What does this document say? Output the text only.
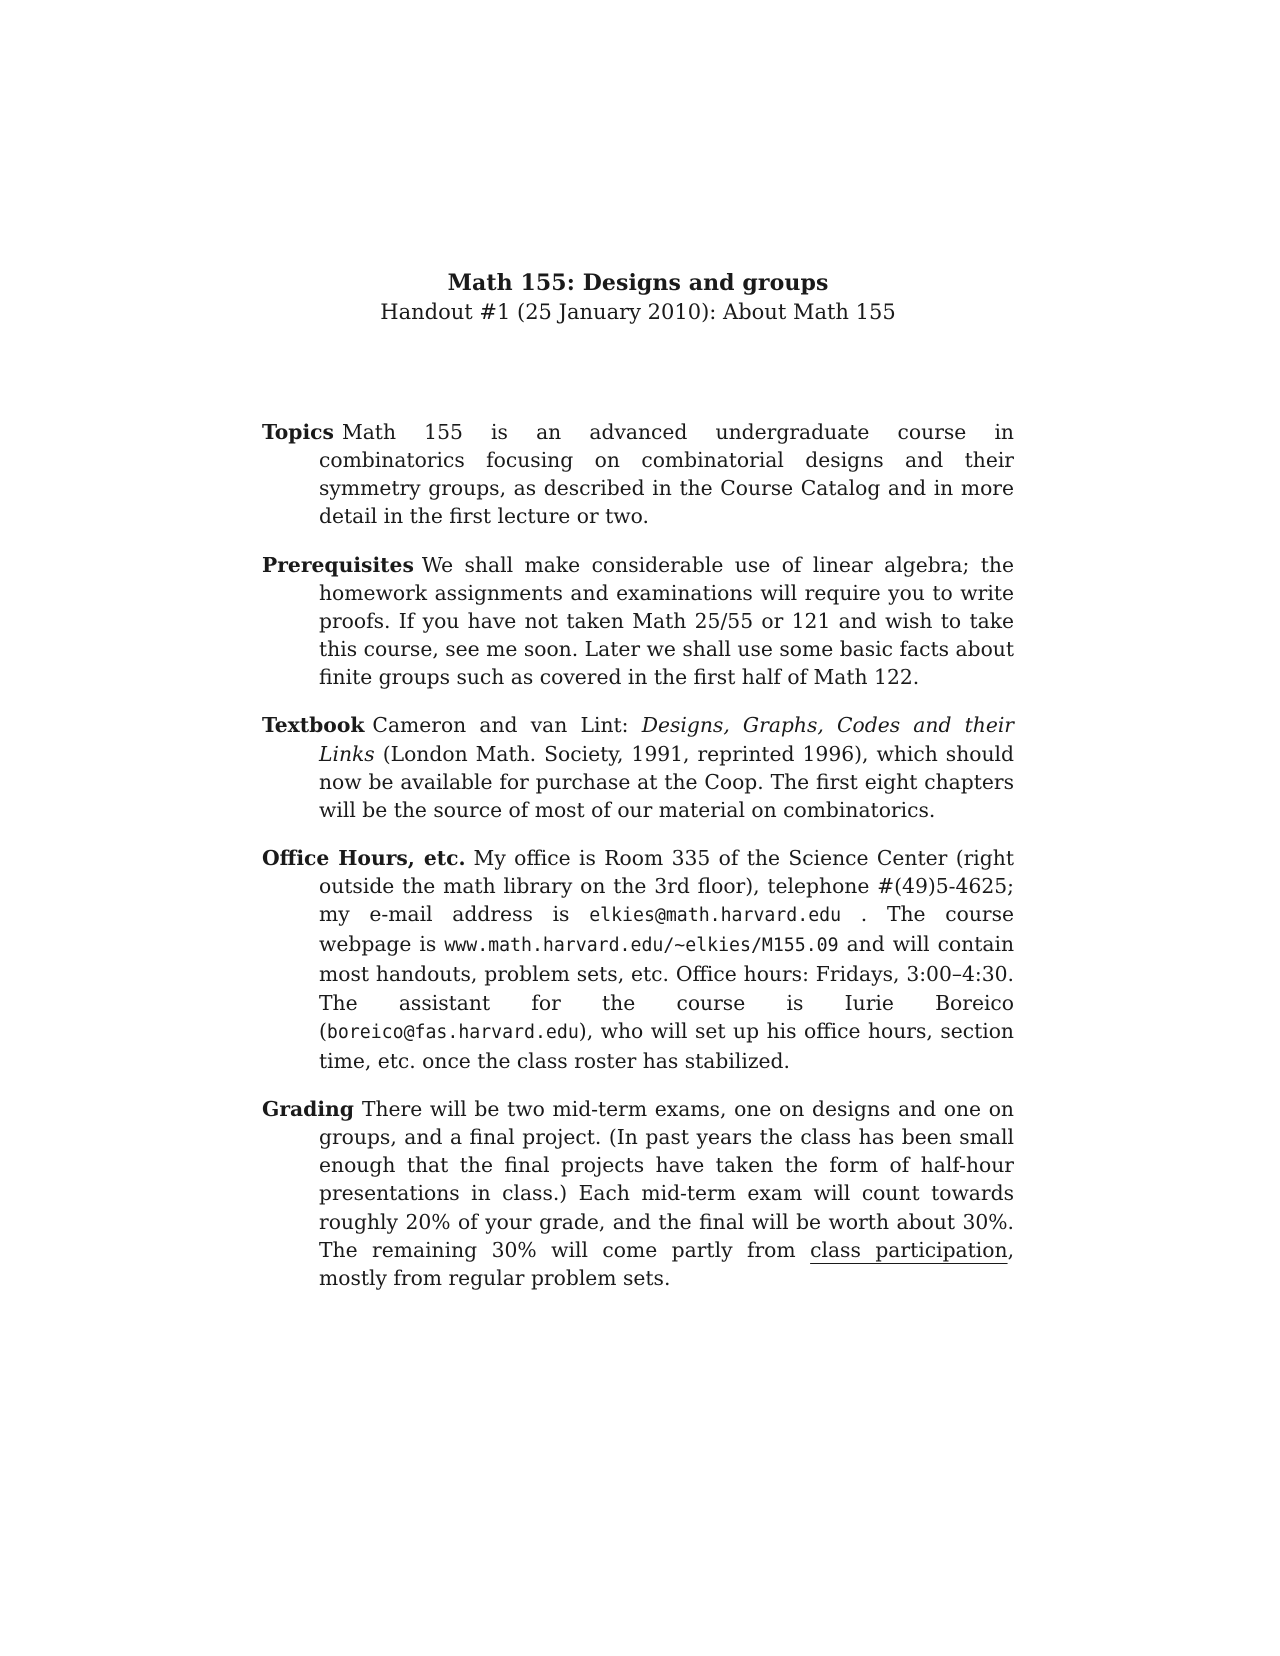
Math 155: Designs and groups
Handout #1 (25 January 2010): About Math 155

Topics Math 155 is an advanced undergraduate course in combinatorics focusing on combinatorial designs and their symmetry groups, as described in the Course Catalog and in more detail in the first lecture or two.

Prerequisites We shall make considerable use of linear algebra; the homework assignments and examinations will require you to write proofs. If you have not taken Math 25/55 or 121 and wish to take this course, see me soon. Later we shall use some basic facts about finite groups such as covered in the first half of Math 122.

Textbook Cameron and van Lint: Designs, Graphs, Codes and their Links (London Math. Society, 1991, reprinted 1996), which should now be available for purchase at the Coop. The first eight chapters will be the source of most of our material on combinatorics.

Office Hours, etc. My office is Room 335 of the Science Center (right outside the math library on the 3rd floor), telephone #(49)5-4625; my e-mail address is elkies@math.harvard.edu . The course webpage is www.math.harvard.edu/~elkies/M155.09 and will contain most handouts, problem sets, etc. Office hours: Fridays, 3:00–4:30. The assistant for the course is Iurie Boreico (boreico@fas.harvard.edu), who will set up his office hours, section time, etc. once the class roster has stabilized.

Grading There will be two mid-term exams, one on designs and one on groups, and a final project. (In past years the class has been small enough that the final projects have taken the form of half-hour presentations in class.) Each mid-term exam will count towards roughly 20% of your grade, and the final will be worth about 30%. The remaining 30% will come partly from class participation, mostly from regular problem sets.
